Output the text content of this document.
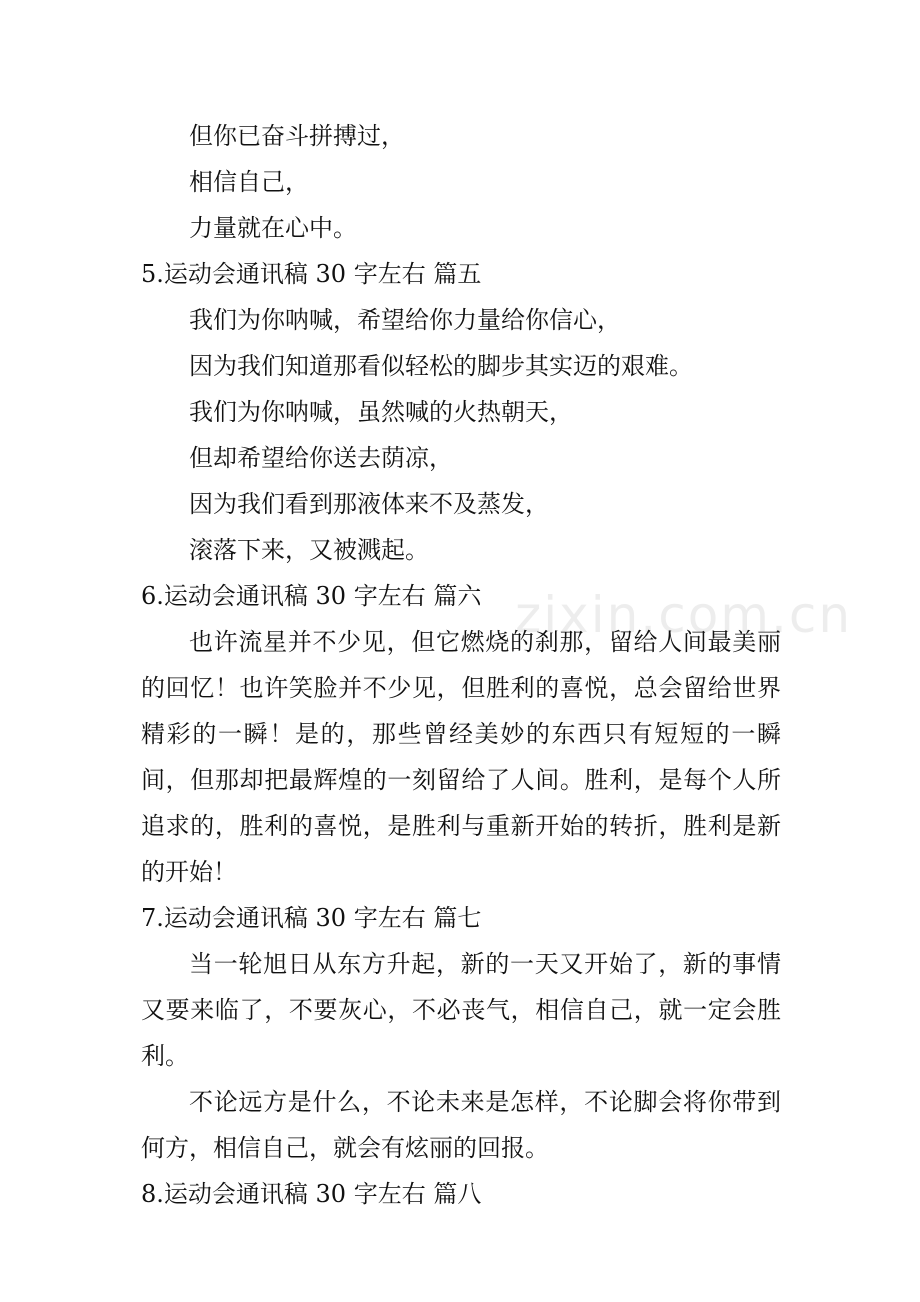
zixin.com.cn
但你已奋斗拼搏过，
相信自己，
力量就在心中。
5.运动会通讯稿 30 字左右 篇五
我们为你呐喊，希望给你力量给你信心，
因为我们知道那看似轻松的脚步其实迈的艰难。
我们为你呐喊，虽然喊的火热朝天，
但却希望给你送去荫凉，
因为我们看到那液体来不及蒸发，
滚落下来，又被溅起。
6.运动会通讯稿 30 字左右 篇六

也许流星并不少见，但它燃烧的刹那，留给人间最美丽的回忆！也许笑脸并不少见，但胜利的喜悦，总会留给世界精彩的一瞬！是的，那些曾经美妙的东西只有短短的一瞬间，但那却把最辉煌的一刻留给了人间。胜利，是每个人所追求的，胜利的喜悦，是胜利与重新开始的转折，胜利是新的开始！

7.运动会通讯稿 30 字左右 篇七

当一轮旭日从东方升起，新的一天又开始了，新的事情又要来临了，不要灰心，不必丧气，相信自己，就一定会胜利。

不论远方是什么，不论未来是怎样，不论脚会将你带到何方，相信自己，就会有炫丽的回报。

8.运动会通讯稿 30 字左右 篇八
